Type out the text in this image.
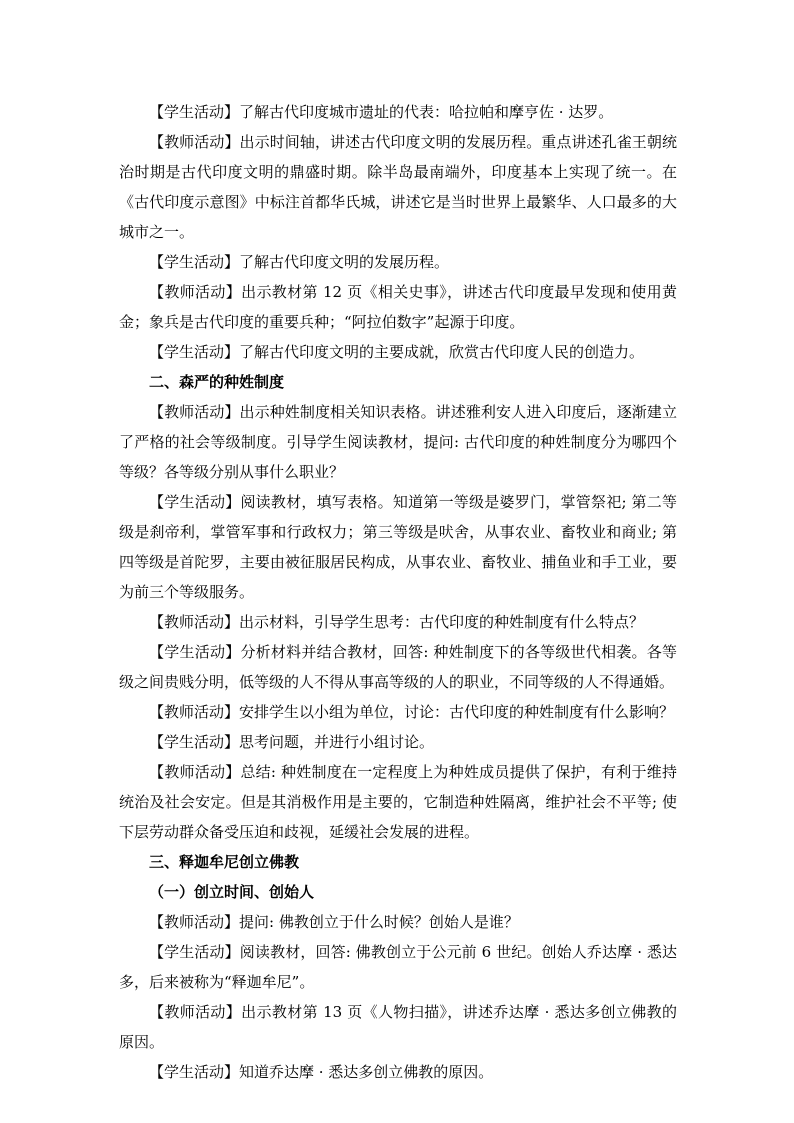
【学生活动】了解古代印度城市遗址的代表：哈拉帕和摩亨佐 · 达罗。

【教师活动】出示时间轴，讲述古代印度文明的发展历程。重点讲述孔雀王朝统治时期是古代印度文明的鼎盛时期。除半岛最南端外，印度基本上实现了统一。在《古代印度示意图》中标注首都华氏城，讲述它是当时世界上最繁华、人口最多的大城市之一。

【学生活动】了解古代印度文明的发展历程。

【教师活动】出示教材第 12 页《相关史事》，讲述古代印度最早发现和使用黄金；象兵是古代印度的重要兵种；“阿拉伯数字”起源于印度。

【学生活动】了解古代印度文明的主要成就，欣赏古代印度人民的创造力。

二、森严的种姓制度

【教师活动】出示种姓制度相关知识表格。讲述雅利安人进入印度后，逐渐建立了严格的社会等级制度。引导学生阅读教材，提问: 古代印度的种姓制度分为哪四个等级？各等级分别从事什么职业？

【学生活动】阅读教材，填写表格。知道第一等级是婆罗门，掌管祭祀; 第二等级是刹帝利，掌管军事和行政权力；第三等级是吠舍，从事农业、畜牧业和商业; 第四等级是首陀罗，主要由被征服居民构成，从事农业、畜牧业、捕鱼业和手工业，要为前三个等级服务。

【教师活动】出示材料，引导学生思考：古代印度的种姓制度有什么特点？

【学生活动】分析材料并结合教材，回答: 种姓制度下的各等级世代相袭。各等级之间贵贱分明，低等级的人不得从事高等级的人的职业，不同等级的人不得通婚。

【教师活动】安排学生以小组为单位，讨论：古代印度的种姓制度有什么影响？

【学生活动】思考问题，并进行小组讨论。

【教师活动】总结: 种姓制度在一定程度上为种姓成员提供了保护，有利于维持统治及社会安定。但是其消极作用是主要的，它制造种姓隔离，维护社会不平等; 使下层劳动群众备受压迫和歧视，延缓社会发展的进程。

三、释迦牟尼创立佛教

（一）创立时间、创始人

【教师活动】提问: 佛教创立于什么时候？创始人是谁？

【学生活动】阅读教材，回答: 佛教创立于公元前 6 世纪。创始人乔达摩 · 悉达多，后来被称为“释迦牟尼”。

【教师活动】出示教材第 13 页《人物扫描》，讲述乔达摩 · 悉达多创立佛教的原因。

【学生活动】知道乔达摩 · 悉达多创立佛教的原因。
